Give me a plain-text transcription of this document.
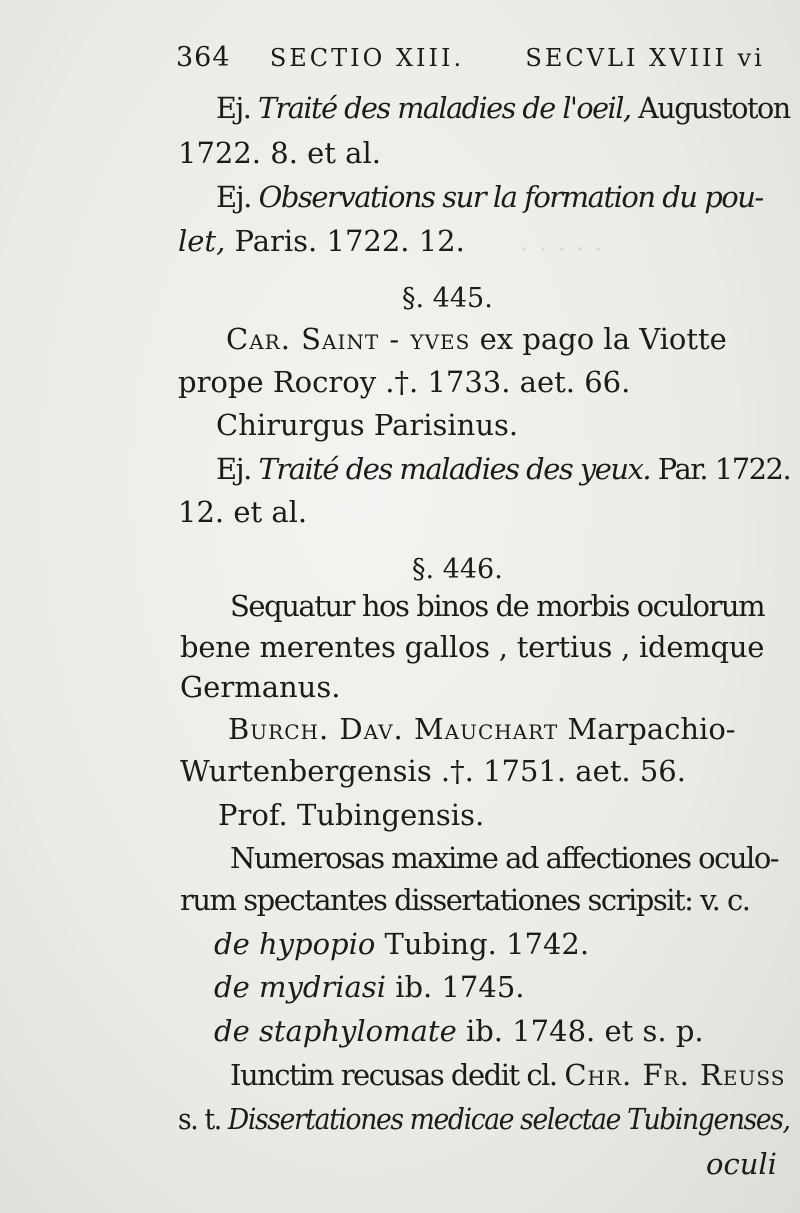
· · · · ·
364 SECTIO XIII.	SECVLI XVIII vi
Ej. Traité des maladies de l'oeil, Augustoton
1722. 8. et al.
Ej. Observations sur la formation du pou-
let, Paris. 1722. 12.
§. 445.
Car. Saint - yves ex pago la Viotte
prope Rocroy .†. 1733. aet. 66.
Chirurgus Parisinus.
Ej. Traité des maladies des yeux. Par. 1722.
12. et al.
§. 446.
Sequatur hos binos de morbis oculorum
bene merentes gallos , tertius , idemque
Germanus.
Burch. Dav. Mauchart Marpachio-
Wurtenbergensis .†. 1751. aet. 56.
Prof. Tubingensis.
Numerosas maxime ad affectiones oculo-
rum spectantes dissertationes scripsit: v. c.
de hypopio Tubing. 1742.
de mydriasi ib. 1745.
de staphylomate ib. 1748. et s. p.
Iunctim recusas dedit cl. Chr. Fr. Reuss
s. t. Dissertationes medicae selectae Tubingenses,
oculi
